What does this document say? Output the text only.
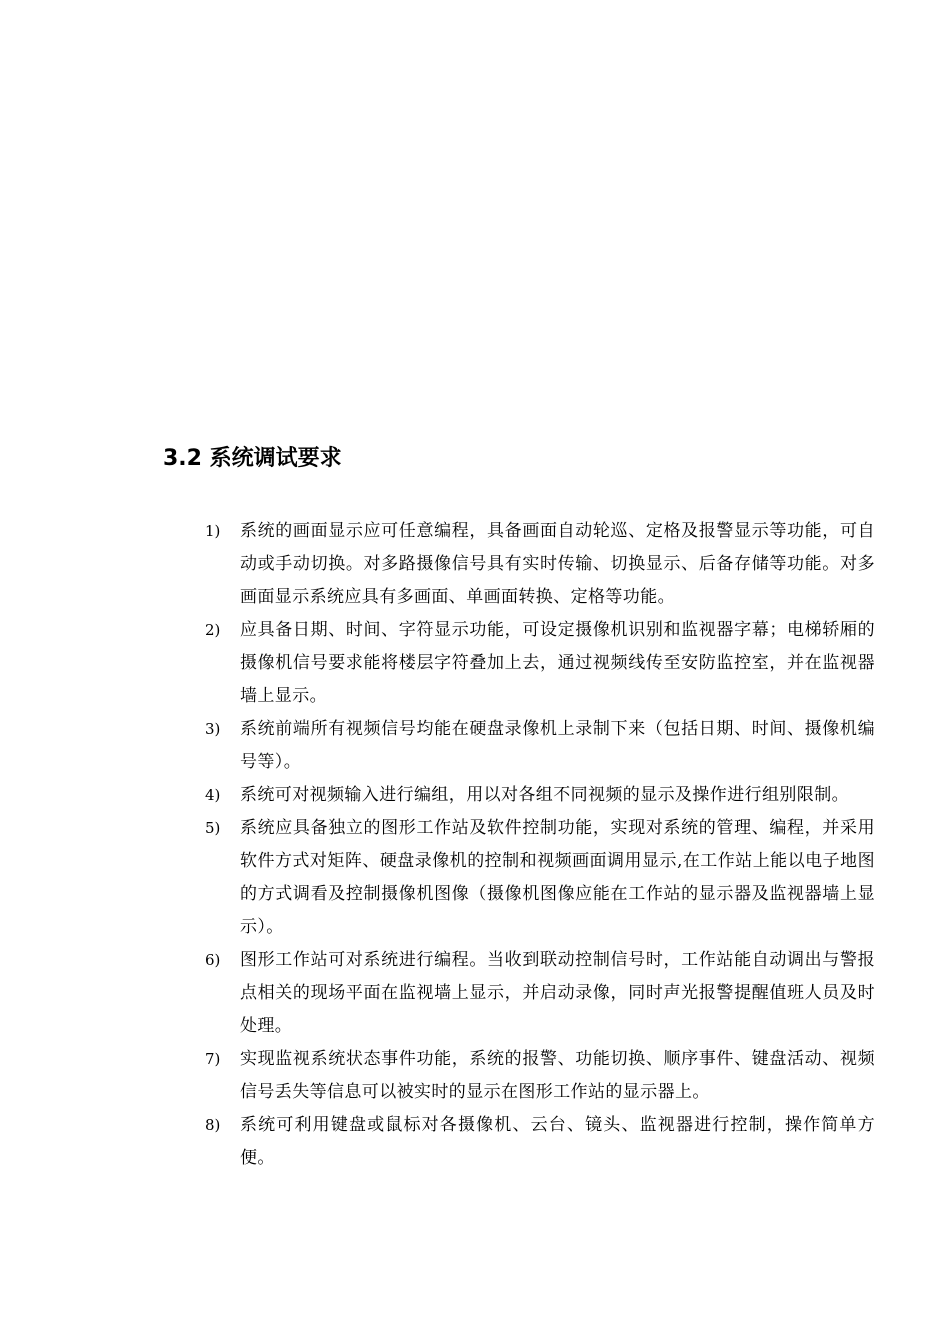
3.2 系统调试要求
1) 系统的画面显示应可任意编程，具备画面自动轮巡、定格及报警显示等功能，可自动或手动切换。对多路摄像信号具有实时传输、切换显示、后备存储等功能。对多画面显示系统应具有多画面、单画面转换、定格等功能。
2) 应具备日期、时间、字符显示功能，可设定摄像机识别和监视器字幕；电梯轿厢的摄像机信号要求能将楼层字符叠加上去，通过视频线传至安防监控室，并在监视器墙上显示。
3) 系统前端所有视频信号均能在硬盘录像机上录制下来（包括日期、时间、摄像机编号等）。
4) 系统可对视频输入进行编组，用以对各组不同视频的显示及操作进行组别限制。
5) 系统应具备独立的图形工作站及软件控制功能，实现对系统的管理、编程，并采用软件方式对矩阵、硬盘录像机的控制和视频画面调用显示,在工作站上能以电子地图的方式调看及控制摄像机图像（摄像机图像应能在工作站的显示器及监视器墙上显示）。
6) 图形工作站可对系统进行编程。当收到联动控制信号时，工作站能自动调出与警报点相关的现场平面在监视墙上显示，并启动录像，同时声光报警提醒值班人员及时处理。
7) 实现监视系统状态事件功能，系统的报警、功能切换、顺序事件、键盘活动、视频信号丢失等信息可以被实时的显示在图形工作站的显示器上。
8) 系统可利用键盘或鼠标对各摄像机、云台、镜头、监视器进行控制，操作简单方便。
